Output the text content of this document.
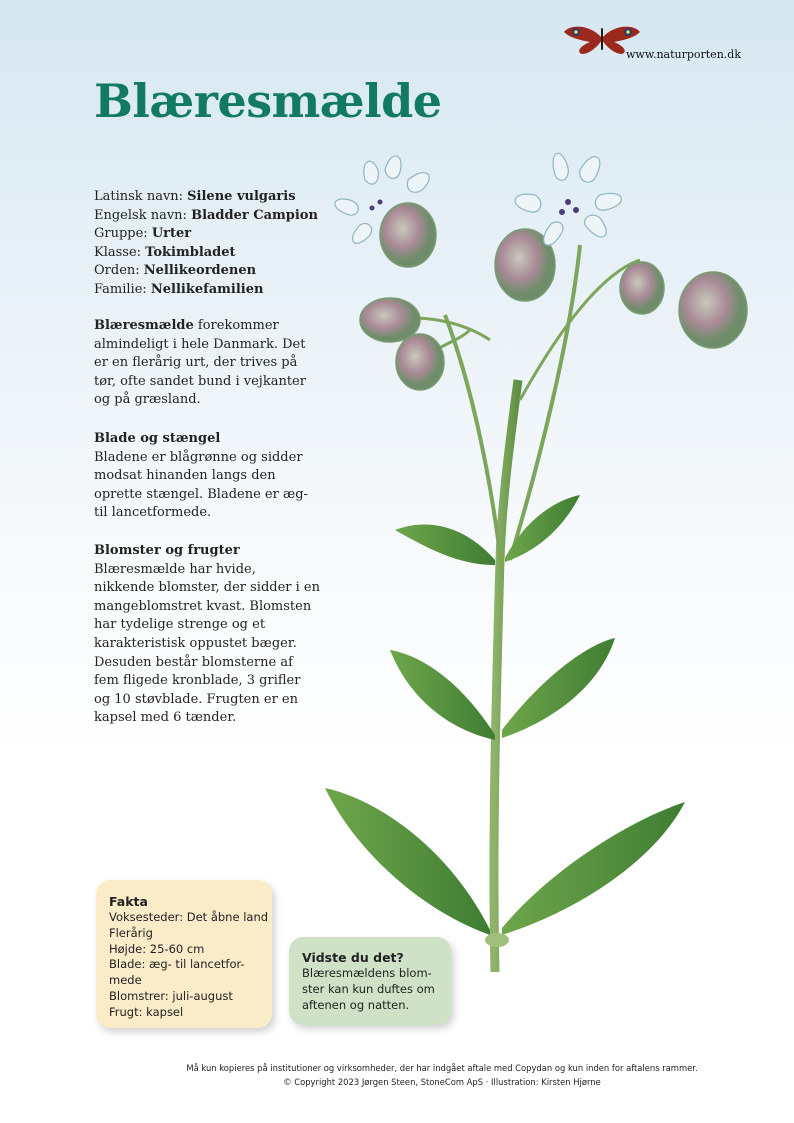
www.naturporten.dk
Blæresmælde
Latinsk navn: Silene vulgaris
Engelsk navn: Bladder Campion
Gruppe: Urter
Klasse: Tokimbladet
Orden: Nellikeordenen
Familie: Nellikefamilien

Blæresmælde forekommer almindeligt i hele Danmark. Det er en flerårig urt, der trives på tør, ofte sandet bund i vejkanter og på græsland.

Blade og stængel

Bladene er blågrønne og sidder modsat hinanden langs den oprette stængel. Bladene er æg- til lancetformede.

Blomster og frugter

Blæresmælde har hvide, nikkende blomster, der sidder i en mangeblomstret kvast. Blomsten har tydelige strenge og et karakteristisk oppustet bæger. Desuden består blomsterne af fem fligede kronblade, 3 grifler og 10 støvblade. Frugten er en kapsel med 6 tænder.

Fakta
Voksesteder: Det åbne land
Flerårig
Højde: 25-60 cm
Blade: æg- til lancetfor-
mede
Blomstrer: juli-august
Frugt: kapsel
Vidste du det?
Blæresmældens blom-
ster kan kun duftes om
aftenen og natten.
Må kun kopieres på institutioner og virksomheder, der har indgået aftale med Copydan og kun inden for aftalens rammer.
© Copyright 2023 Jørgen Steen, StoneCom ApS · Illustration: Kirsten Hjørne
